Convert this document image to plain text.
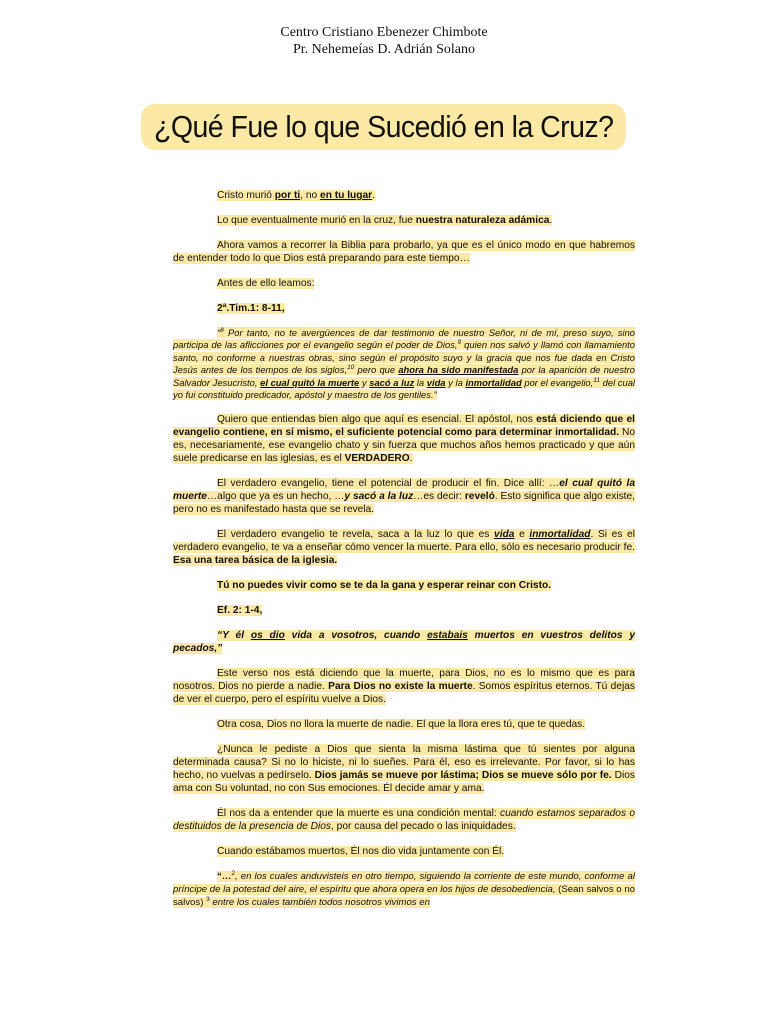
Centro Cristiano Ebenezer Chimbote
Pr. Nehemeías D. Adrián Solano
¿Qué Fue lo que Sucedió en la Cruz?

Cristo murió por ti, no en tu lugar.

Lo que eventualmente murió en la cruz, fue nuestra naturaleza adámica.

Ahora vamos a recorrer la Biblia para probarlo, ya que es el único modo en que habremos de entender todo lo que Dios está preparando para este tiempo…

Antes de ello leamos:

2ª.Tim.1: 8-11,

“$^8$ Por tanto, no te avergüences de dar testimonio de nuestro Señor, ni de mí, preso suyo, sino participa de las aflicciones por el evangelio según el poder de Dios,$^9$ quien nos salvó y llamó con llamamiento santo, no conforme a nuestras obras, sino según el propósito suyo y la gracia que nos fue dada en Cristo Jesús antes de los tiempos de los siglos,$^{10}$ pero que ahora ha sido manifestada por la aparición de nuestro Salvador Jesucristo, el cual quitó la muerte y sacó a luz la vida y la inmortalidad por el evangelio,$^{11}$ del cual yo fui constituido predicador, apóstol y maestro de los gentiles.”

Quiero que entiendas bien algo que aquí es esencial. El apóstol, nos está diciendo que el evangelio contiene, en sí mismo, el suficiente potencial como para determinar inmortalidad. No es, necesariamente, ese evangelio chato y sin fuerza que muchos años hemos practicado y que aún suele predicarse en las iglesias, es el VERDADERO.

El verdadero evangelio, tiene el potencial de producir el fin. Dice allí: …el cual quitó la muerte…algo que ya es un hecho, …y sacó a la luz…es decir: reveló. Esto significa que algo existe, pero no es manifestado hasta que se revela.

El verdadero evangelio te revela, saca a la luz lo que es vida e inmortalidad. Si es el verdadero evangelio, te va a enseñar cómo vencer la muerte. Para ello, sólo es necesario producir fe. Esa una tarea básica de la iglesia.

Tú no puedes vivir como se te da la gana y esperar reinar con Cristo.

Ef. 2: 1-4,

“Y él os dio vida a vosotros, cuando estabais muertos en vuestros delitos y pecados,”

Este verso nos está diciendo que la muerte, para Dios, no es lo mismo que es para nosotros. Dios no pierde a nadie. Para Dios no existe la muerte. Somos espíritus eternos. Tú dejas de ver el cuerpo, pero el espíritu vuelve a Dios.

Otra cosa, Dios no llora la muerte de nadie. El que la llora eres tú, que te quedas.

¿Nunca le pediste a Dios que sienta la misma lástima que tú sientes por alguna determinada causa? Si no lo hiciste, ni lo sueñes. Para él, eso es irrelevante. Por favor, si lo has hecho, no vuelvas a pedírselo. Dios jamás se mueve por lástima; Dios se mueve sólo por fe. Dios ama con Su voluntad, no con Sus emociones. Él decide amar y ama.

Él nos da a entender que la muerte es una condición mental: cuando estamos separados o destituidos de la presencia de Dios, por causa del pecado o las iniquidades.

Cuando estábamos muertos, Él nos dio vida juntamente con Él.

“…$^2$, en los cuales anduvisteis en otro tiempo, siguiendo la corriente de este mundo, conforme al príncipe de la potestad del aire, el espíritu que ahora opera en los hijos de desobediencia, (Sean salvos o no salvos) $^3$ entre los cuales también todos nosotros vivimos en
